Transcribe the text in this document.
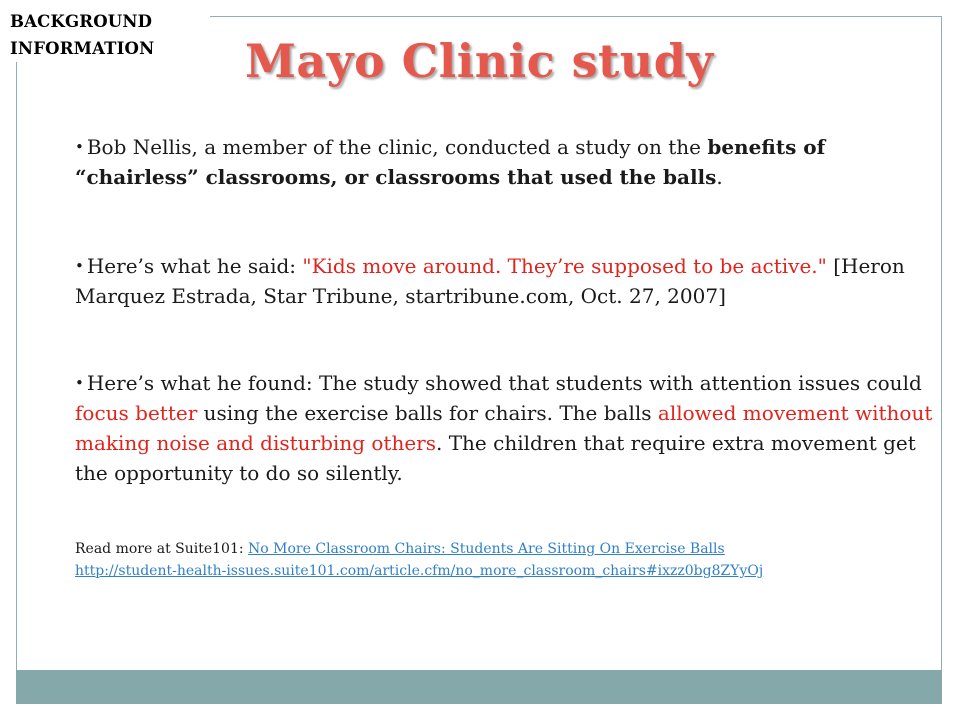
BACKGROUND
INFORMATION	Mayo Clinic study
• Bob Nellis, a member of the clinic, conducted a study on the benefits of “chairless” classrooms, or classrooms that used the balls.
• Here’s what he said: "Kids move around. They’re supposed to be active." [Heron Marquez Estrada, Star Tribune, startribune.com, Oct. 27, 2007]
• Here’s what he found: The study showed that students with attention issues could focus better using the exercise balls for chairs. The balls allowed movement without making noise and disturbing others. The children that require extra movement get the opportunity to do so silently.
Read more at Suite101: No More Classroom Chairs: Students Are Sitting On Exercise Balls
http://student-health-issues.suite101.com/article.cfm/no_more_classroom_chairs#ixzz0bg8ZYyOj
